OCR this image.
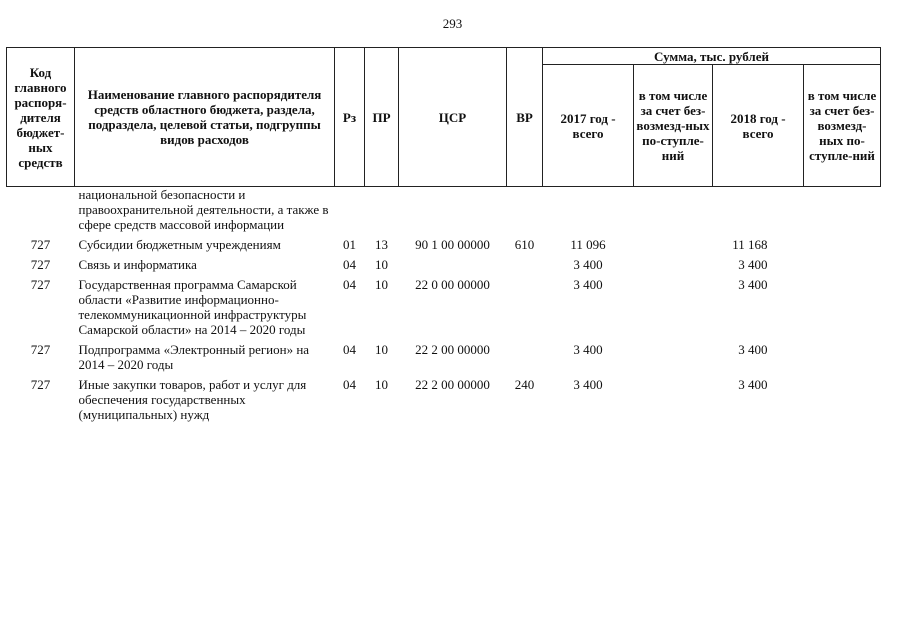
293
Код главного распоря-дителя бюджет-ных средств	Наименование главного распорядителя средств областного бюджета, раздела, подраздела, целевой статьи, подгруппы видов расходов	Рз	ПР	ЦСР	ВР	Сумма, тыс. рублей			
						2017 год - всего	в том числе за счет без-возмезд-ных по-ступле-ний	2018 год - всего	в том числе за счет без-возмезд-ных по-ступле-ний
	национальной безопасности и правоохранительной деятельности, а также в сфере средств массовой информации								
727	Субсидии бюджетным учреждениям	01	13	90 1 00 00000	610	11 096		11 168	
727	Связь и информатика	04	10			3 400		3 400	
727	Государственная программа Самарской области «Развитие информационно-телекоммуникационной инфраструктуры Самарской области» на 2014 – 2020 годы	04	10	22 0 00 00000		3 400		3 400	
727	Подпрограмма «Электронный регион» на 2014 – 2020 годы	04	10	22 2 00 00000		3 400		3 400	
727	Иные закупки товаров, работ и услуг для обеспечения государственных (муниципальных) нужд	04	10	22 2 00 00000	240	3 400		3 400	
